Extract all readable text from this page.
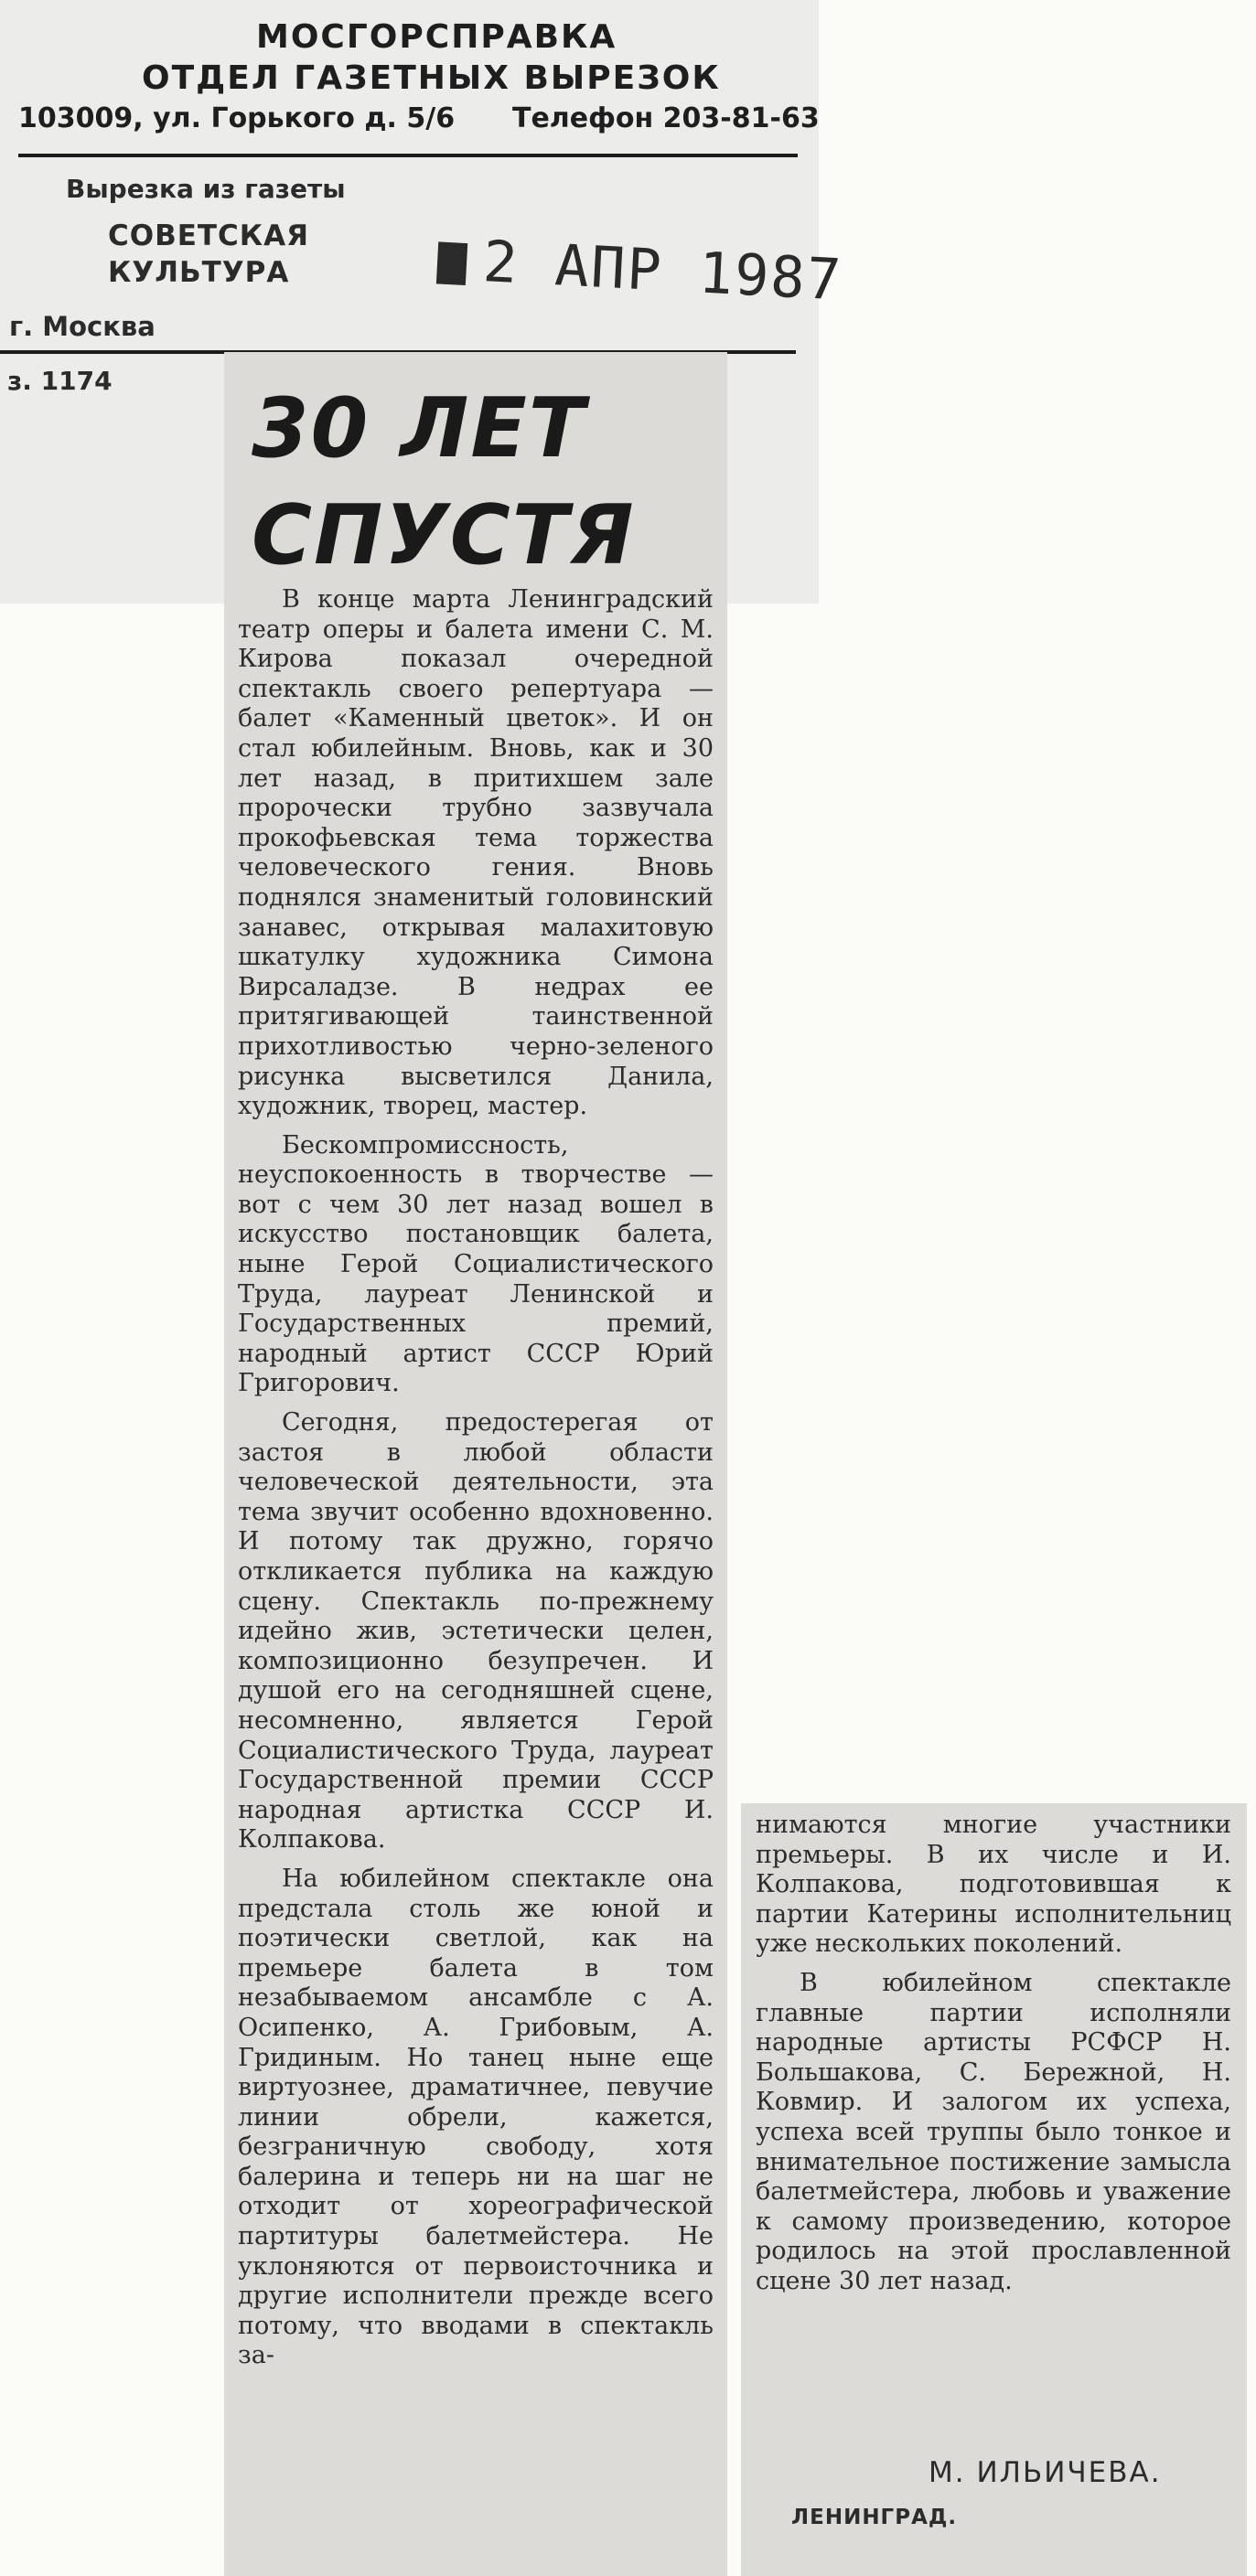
МОСГОРСПРАВКА
ОТДЕЛ ГАЗЕТНЫХ ВЫРЕЗОК
103009, ул. Горького д. 5/6 Телефон 203-81-63
Вырезка из газеты
СОВЕТСКАЯ
КУЛЬТУРА	2 АПР 1987
г. Москва
з. 1174 30 ЛЕТ
СПУСТЯ

В конце марта Ленинградский театр оперы и балета имени С. М. Кирова показал очередной спектакль своего репертуара — балет «Каменный цветок». И он стал юбилейным. Вновь, как и 30 лет назад, в притихшем зале пророчески трубно зазвучала прокофьевская тема торжества человеческого гения. Вновь поднялся знаменитый головинский занавес, открывая малахитовую шкатулку художника Симона Вирсаладзе. В недрах ее притягивающей таинственной прихотливостью черно-зеленого рисунка высветился Данила, художник, творец, мастер.

Бескомпромиссность, неуспокоенность в творчестве — вот с чем 30 лет назад вошел в искусство постановщик балета, ныне Герой Социалистического Труда, лауреат Ленинской и Государственных премий, народный артист СССР Юрий Григорович.

Сегодня, предостерегая от застоя в любой области человеческой деятельности, эта тема звучит особенно вдохновенно. И потому так дружно, горячо откликается публика на каждую сцену. Спектакль по-прежнему идейно жив, эстетически целен, композиционно безупречен. И душой его на сегодняшней сцене, несомненно, является Герой Социалистического Труда, лауреат Государственной премии СССР народная артистка СССР И. Колпакова.

На юбилейном спектакле она предстала столь же юной и поэтически светлой, как на премьере балета в том незабываемом ансамбле с А. Осипенко, А. Грибовым, А. Гридиным. Но танец ныне еще виртуознее, драматичнее, певучие линии обрели, кажется, безграничную свободу, хотя балерина и теперь ни на шаг не отходит от хореографической партитуры балетмейстера. Не уклоняются от первоисточника и другие исполнители прежде всего потому, что вводами в спектакль за-

нимаются многие участники премьеры. В их числе и И. Колпакова, подготовившая к партии Катерины исполнительниц уже нескольких поколений.

В юбилейном спектакле главные партии исполняли народные артисты РСФСР Н. Большакова, С. Бережной, Н. Ковмир. И залогом их успеха, успеха всей труппы было тонкое и внимательное постижение замысла балетмейстера, любовь и уважение к самому произведению, которое родилось на этой прославленной сцене 30 лет назад.

М. ИЛЬИЧЕВА.
ЛЕНИНГРАД.
